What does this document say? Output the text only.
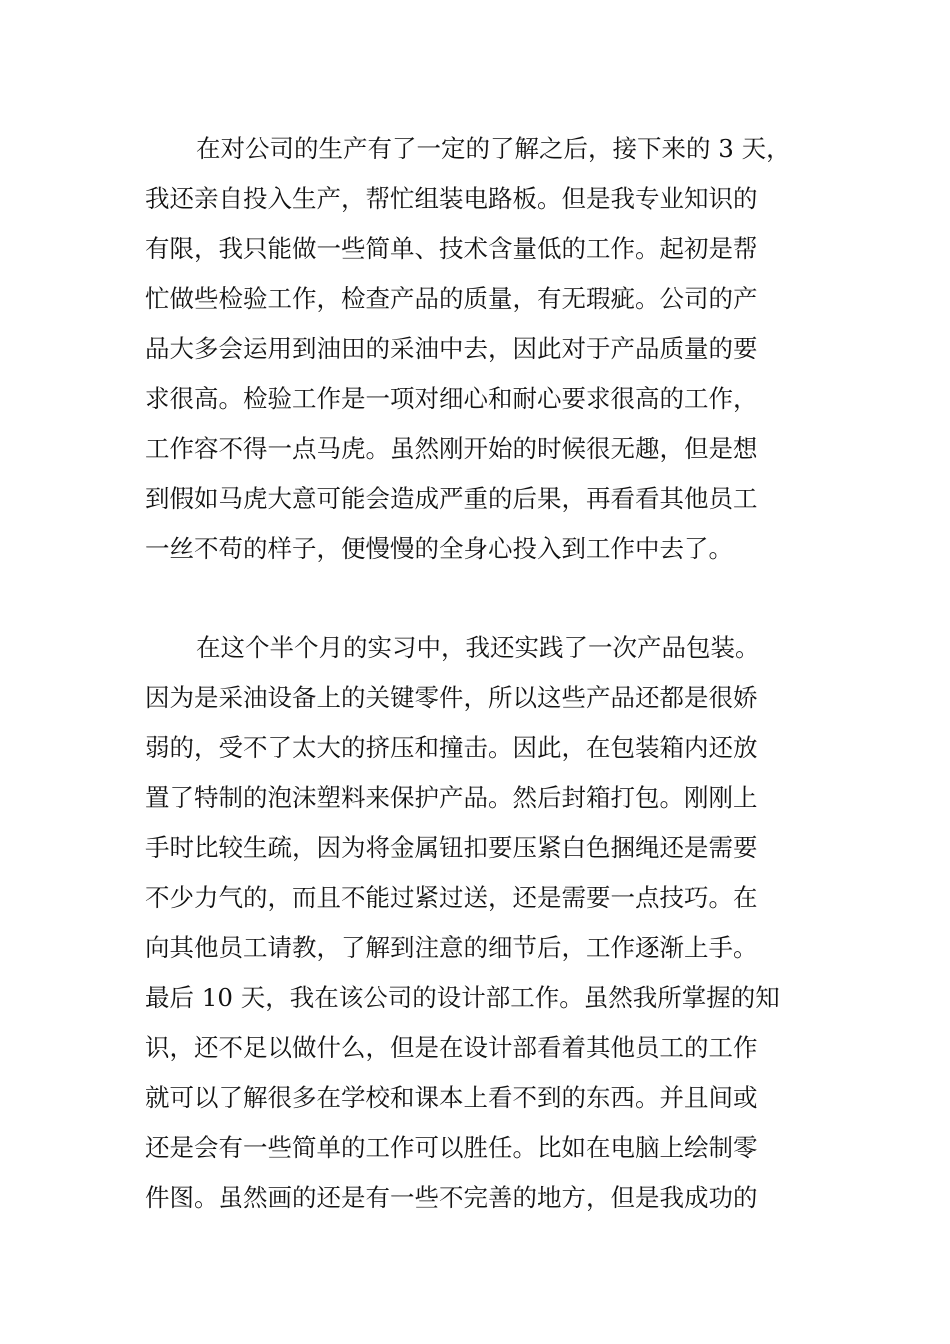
在对公司的生产有了一定的了解之后，接下来的 3 天，
我还亲自投入生产，帮忙组装电路板。但是我专业知识的
有限，我只能做一些简单、技术含量低的工作。起初是帮
忙做些检验工作，检查产品的质量，有无瑕疵。公司的产
品大多会运用到油田的采油中去，因此对于产品质量的要
求很高。检验工作是一项对细心和耐心要求很高的工作，
工作容不得一点马虎。虽然刚开始的时候很无趣，但是想
到假如马虎大意可能会造成严重的后果，再看看其他员工
一丝不苟的样子，便慢慢的全身心投入到工作中去了。
在这个半个月的实习中，我还实践了一次产品包装。
因为是采油设备上的关键零件，所以这些产品还都是很娇
弱的，受不了太大的挤压和撞击。因此，在包装箱内还放
置了特制的泡沫塑料来保护产品。然后封箱打包。刚刚上
手时比较生疏，因为将金属钮扣要压紧白色捆绳还是需要
不少力气的，而且不能过紧过送，还是需要一点技巧。在
向其他员工请教，了解到注意的细节后，工作逐渐上手。
最后 10 天，我在该公司的设计部工作。虽然我所掌握的知
识，还不足以做什么，但是在设计部看着其他员工的工作
就可以了解很多在学校和课本上看不到的东西。并且间或
还是会有一些简单的工作可以胜任。比如在电脑上绘制零
件图。虽然画的还是有一些不完善的地方，但是我成功的
